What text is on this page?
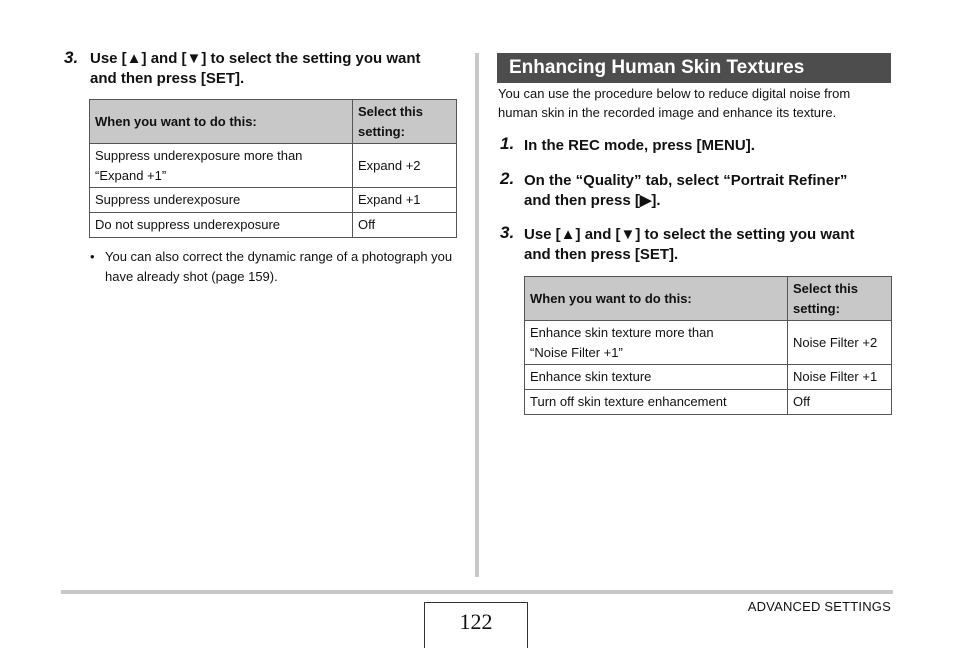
3. Use [▲] and [▼] to select the setting you want
and then press [SET].
When you want to do this:	Select this
setting:

Suppress underexposure more than
“Expand +1”	Expand +2
Suppress underexposure	Expand +1
Do not suppress underexposure	Off
• You can also correct the dynamic range of a photograph you have already shot (page 159).
Enhancing Human Skin Textures
You can use the procedure below to reduce digital noise from human skin in the recorded image and enhance its texture.
1. In the REC mode, press [MENU].
2. On the “Quality” tab, select “Portrait Refiner”
and then press [▶].
3. Use [▲] and [▼] to select the setting you want
and then press [SET].
When you want to do this:	Select this
setting:

Enhance skin texture more than
“Noise Filter +1”	Noise Filter +2
Enhance skin texture	Noise Filter +1
Turn off skin texture enhancement	Off
122
ADVANCED SETTINGS
